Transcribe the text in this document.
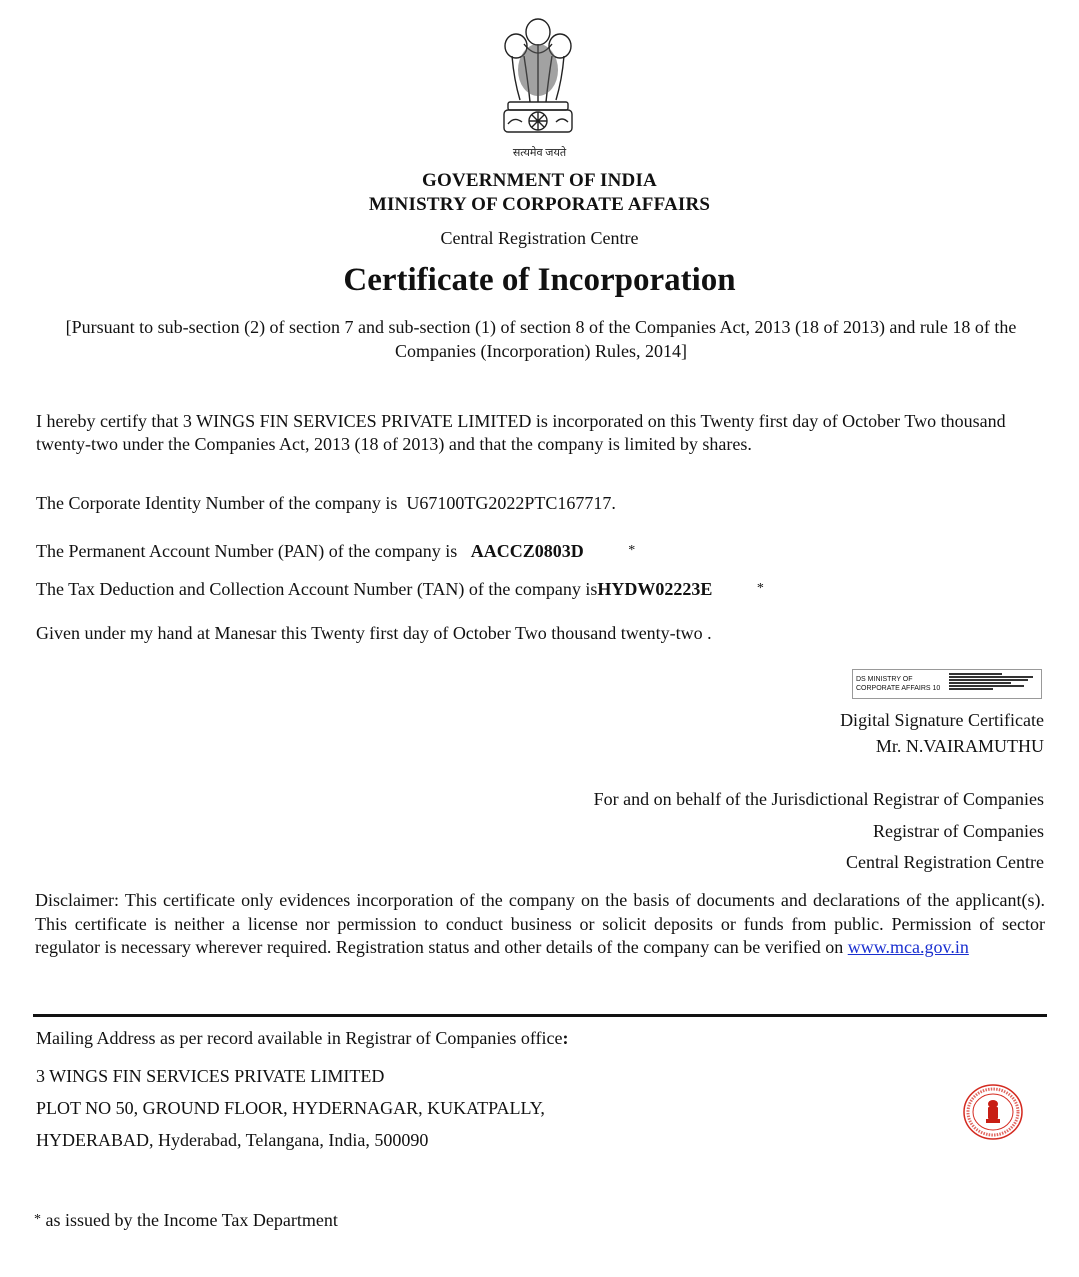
सत्यमेव जयते
GOVERNMENT OF INDIA
MINISTRY OF CORPORATE AFFAIRS
Central Registration Centre
Certificate of Incorporation
[Pursuant to sub-section (2) of section 7 and sub-section (1) of section 8 of the Companies Act, 2013 (18 of 2013) and rule 18 of the Companies (Incorporation) Rules, 2014]
I hereby certify that 3 WINGS FIN SERVICES PRIVATE LIMITED is incorporated on this Twenty first day of October Two thousand twenty-two under the Companies Act, 2013 (18 of 2013) and that the company is limited by shares.
The Corporate Identity Number of the company is U67100TG2022PTC167717.
The Permanent Account Number (PAN) of the company is AACCZ0803D	*
The Tax Deduction and Collection Account Number (TAN) of the company isHYDW02223E	*
Given under my hand at Manesar this Twenty first day of October Two thousand twenty-two .
DS MINISTRY OF
CORPORATE AFFAIRS 10
Digital Signature Certificate
Mr. N.VAIRAMUTHU
For and on behalf of the Jurisdictional Registrar of Companies
Registrar of Companies
Central Registration Centre
Disclaimer: This certificate only evidences incorporation of the company on the basis of documents and declarations of the applicant(s). This certificate is neither a license nor permission to conduct business or solicit deposits or funds from public. Permission of sector regulator is necessary wherever required. Registration status and other details of the company can be verified on www.mca.gov.in
Mailing Address as per record available in Registrar of Companies office:
3 WINGS FIN SERVICES PRIVATE LIMITED
PLOT NO 50, GROUND FLOOR, HYDERNAGAR, KUKATPALLY,
HYDERABAD, Hyderabad, Telangana, India, 500090
* as issued by the Income Tax Department
